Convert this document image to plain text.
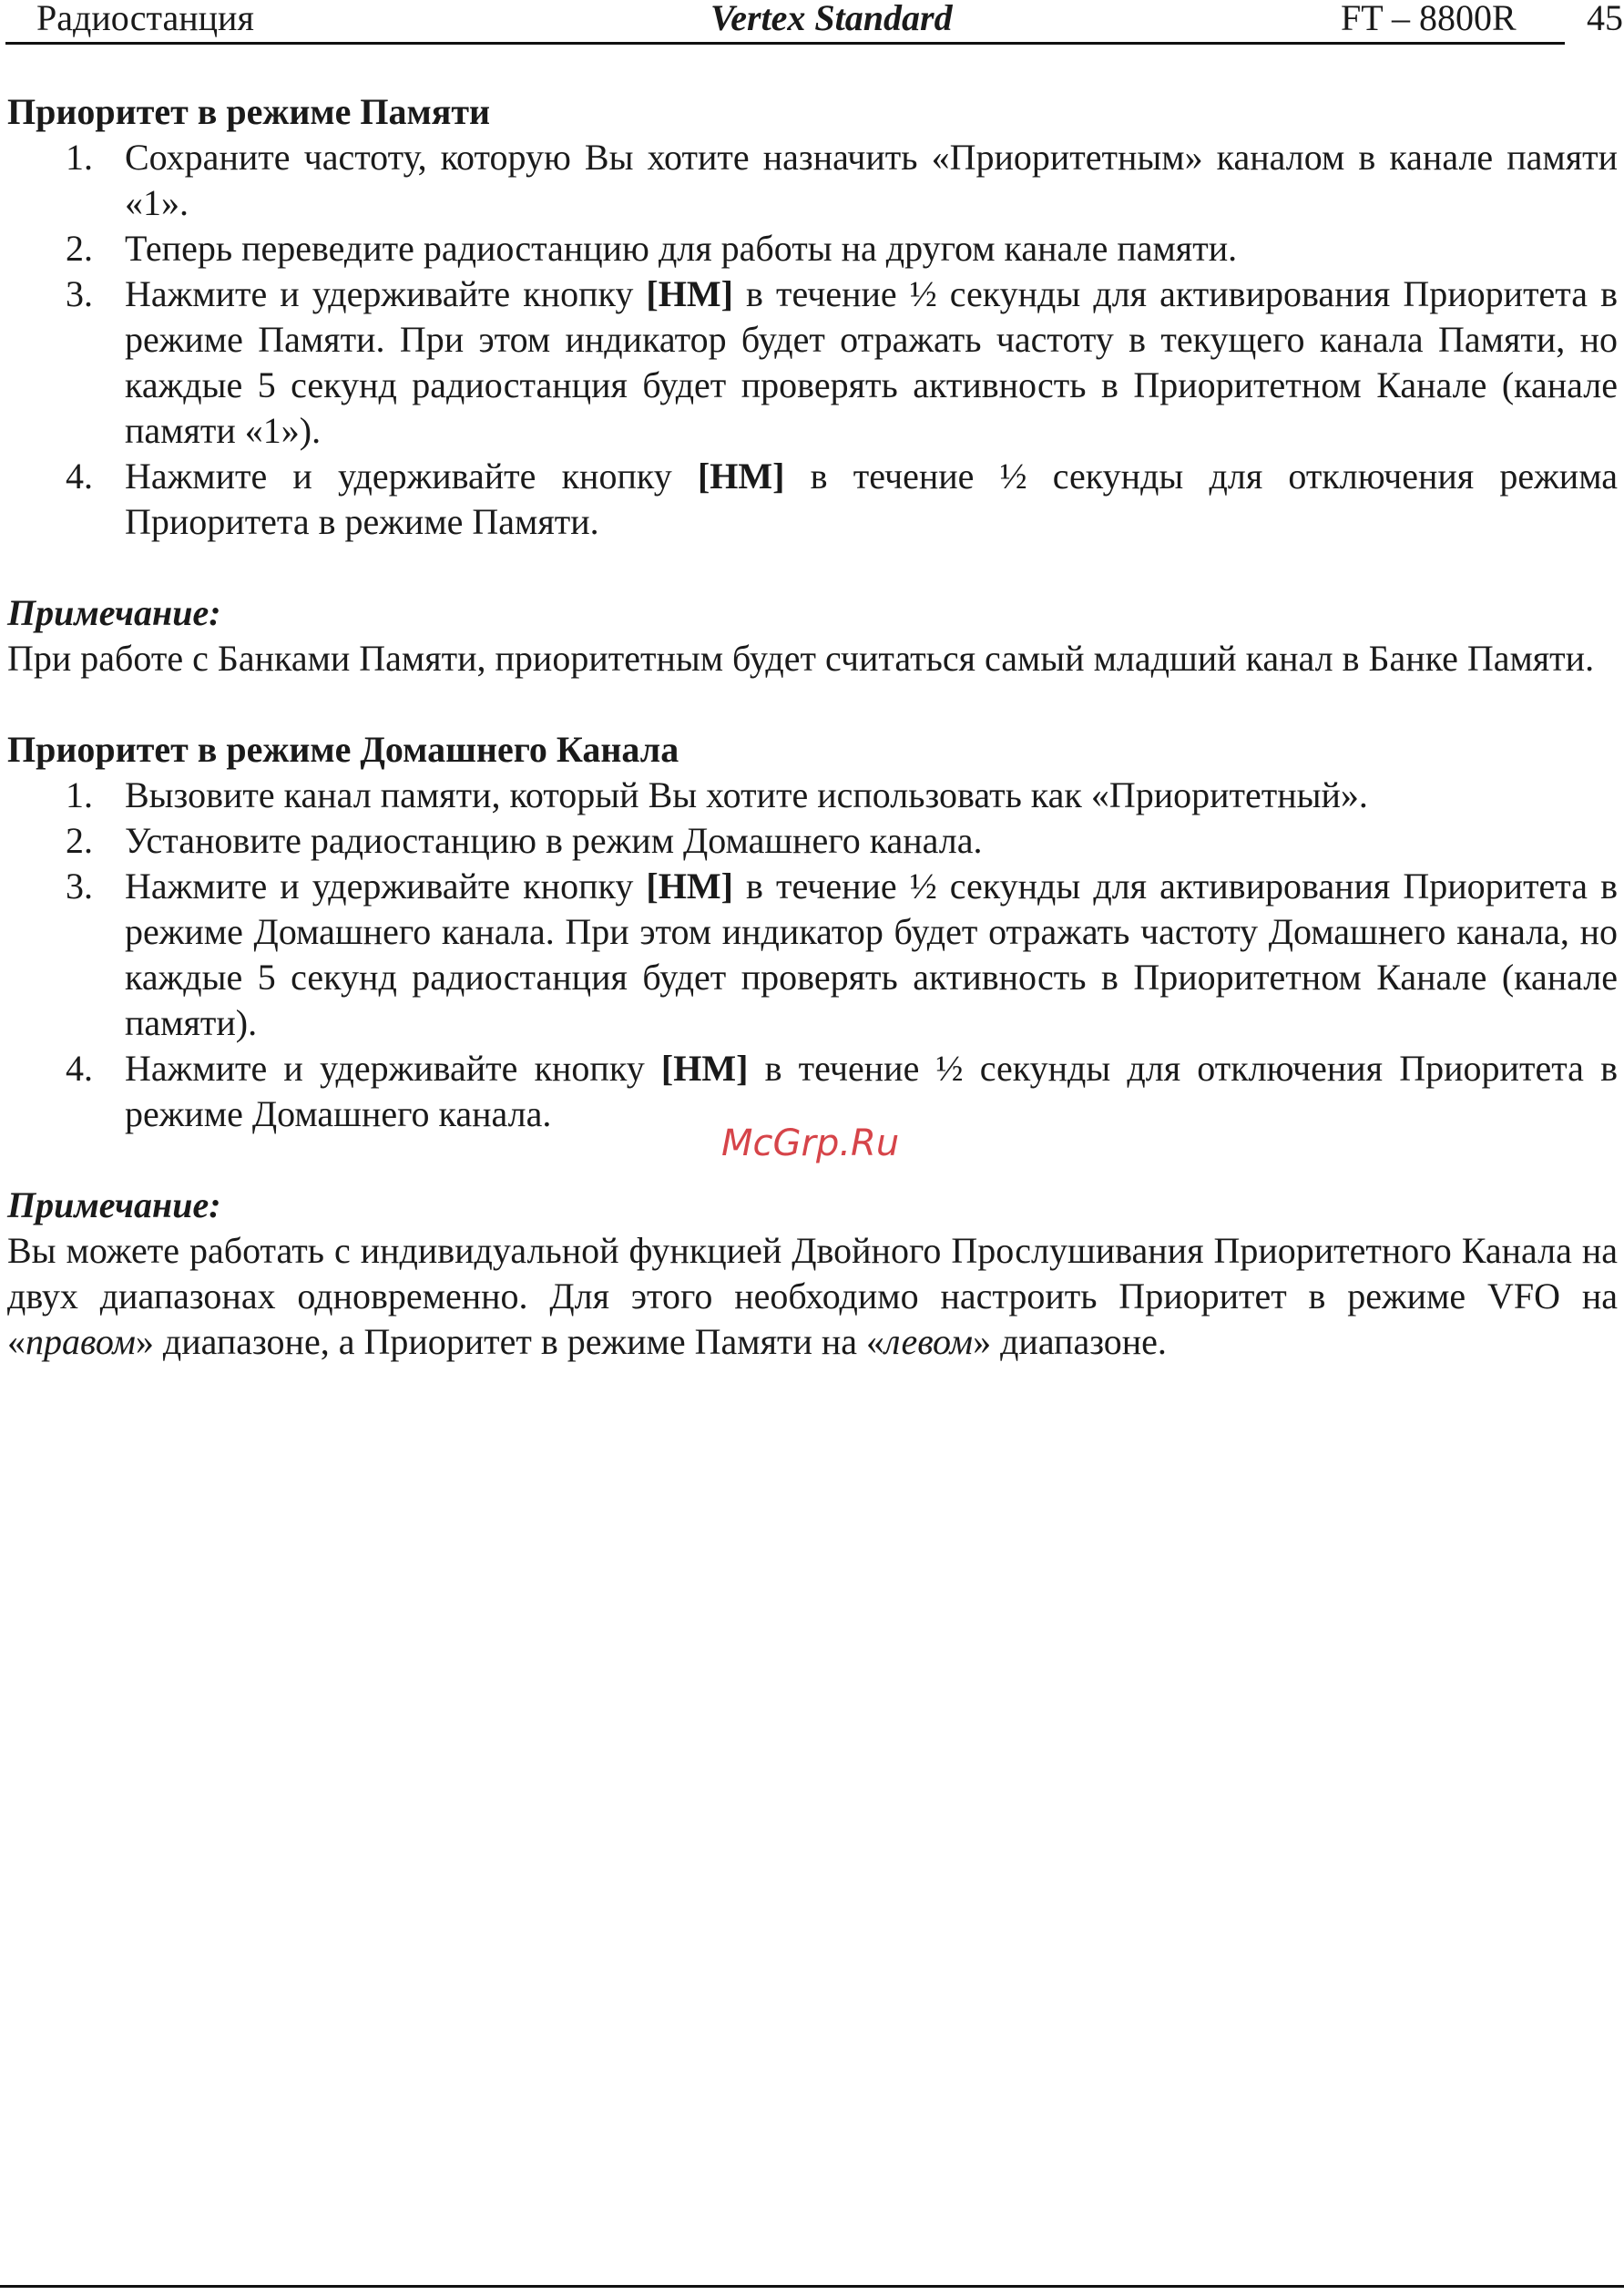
Радиостанция	Vertex Standard	FT – 8800R 45
Приоритет в режиме Памяти
1. Сохраните частоту, которую Вы хотите назначить «Приоритетным» каналом в канале памяти «1».
2. Теперь переведите радиостанцию для работы на другом канале памяти.
3. Нажмите и удерживайте кнопку [HM] в течение ½ секунды для активирования Приоритета в режиме Памяти. При этом индикатор будет отражать частоту в текущего канала Памяти, но каждые 5 секунд радиостанция будет проверять активность в Приоритетном Канале (канале памяти «1»).
4. Нажмите и удерживайте кнопку [HM] в течение ½ секунды для отключения режима Приоритета в режиме Памяти.
Примечание:

При работе с Банками Памяти, приоритетным будет считаться самый младший канал в Банке Памяти.

Приоритет в режиме Домашнего Канала
1. Вызовите канал памяти, который Вы хотите использовать как «Приоритетный».
2. Установите радиостанцию в режим Домашнего канала.
3. Нажмите и удерживайте кнопку [HM] в течение ½ секунды для активирования Приоритета в режиме Домашнего канала. При этом индикатор будет отражать частоту Домашнего канала, но каждые 5 секунд радиостанция будет проверять активность в Приоритетном Канале (канале памяти).
4. Нажмите и удерживайте кнопку [HM] в течение ½ секунды для отключения Приоритета в режиме Домашнего канала.
Примечание:

Вы можете работать с индивидуальной функцией Двойного Прослушивания Приоритетного Канала на двух диапазонах одновременно. Для этого необходимо настроить Приоритет в режиме VFO на «правом» диапазоне, а Приоритет в режиме Памяти на «левом» диапазоне.

McGrp.Ru
